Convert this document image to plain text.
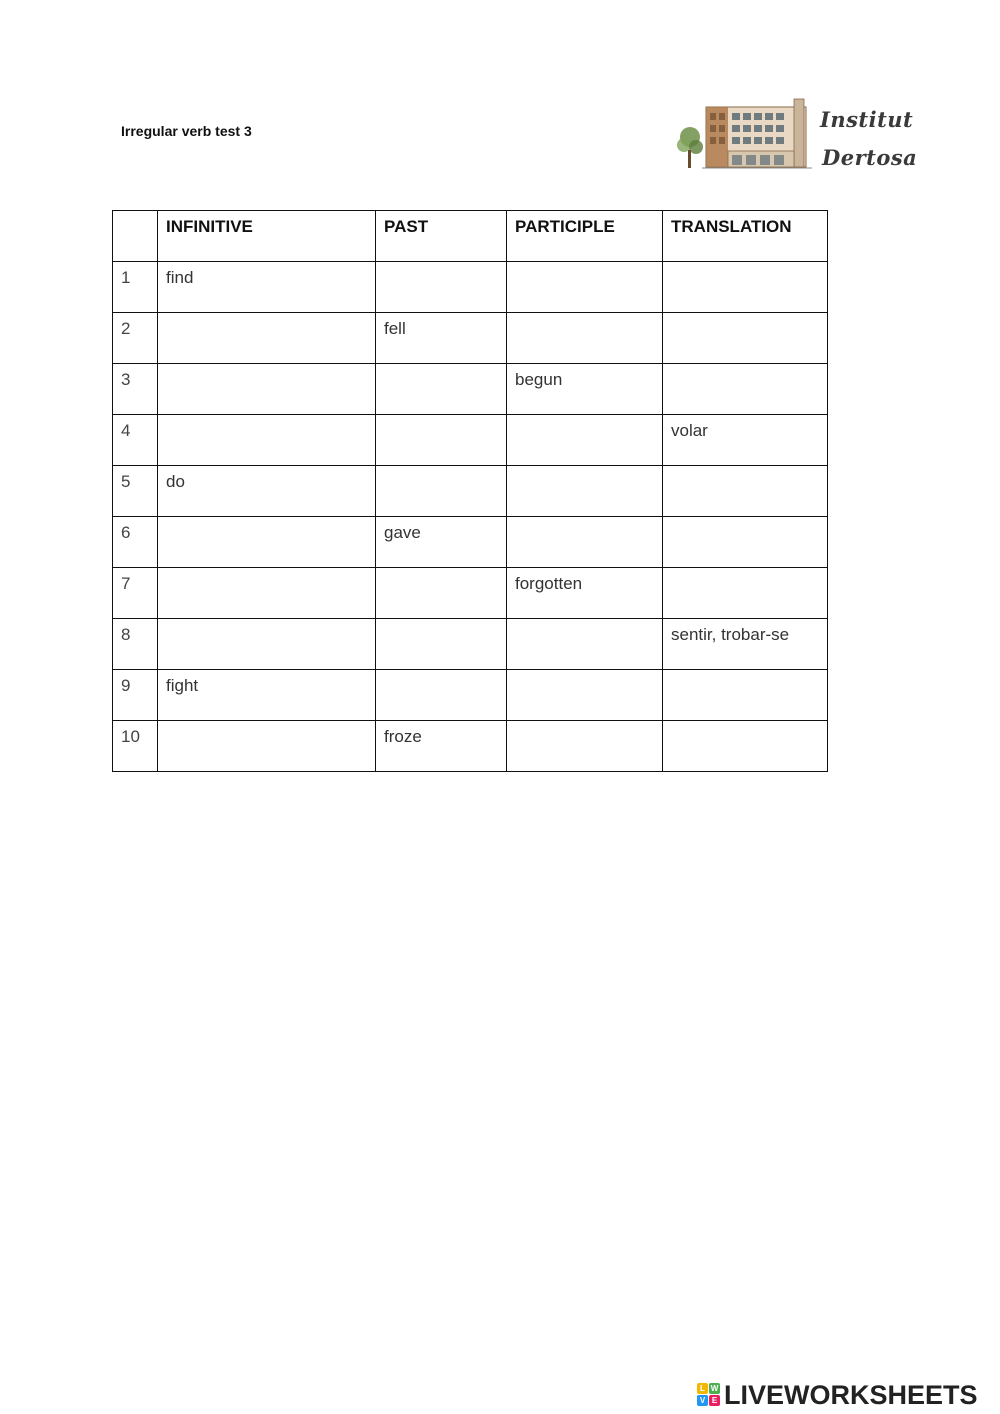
Irregular verb test 3	Institut
Dertosa
	INFINITIVE	PAST	PARTICIPLE	TRANSLATION
1	find			
2		fell		
3			begun	
4				volar
5	do			
6		gave		
7			forgotten	
8				sentir, trobar-se
9	fight			
10		froze		
L W
V E LIVEWORKSHEETS
